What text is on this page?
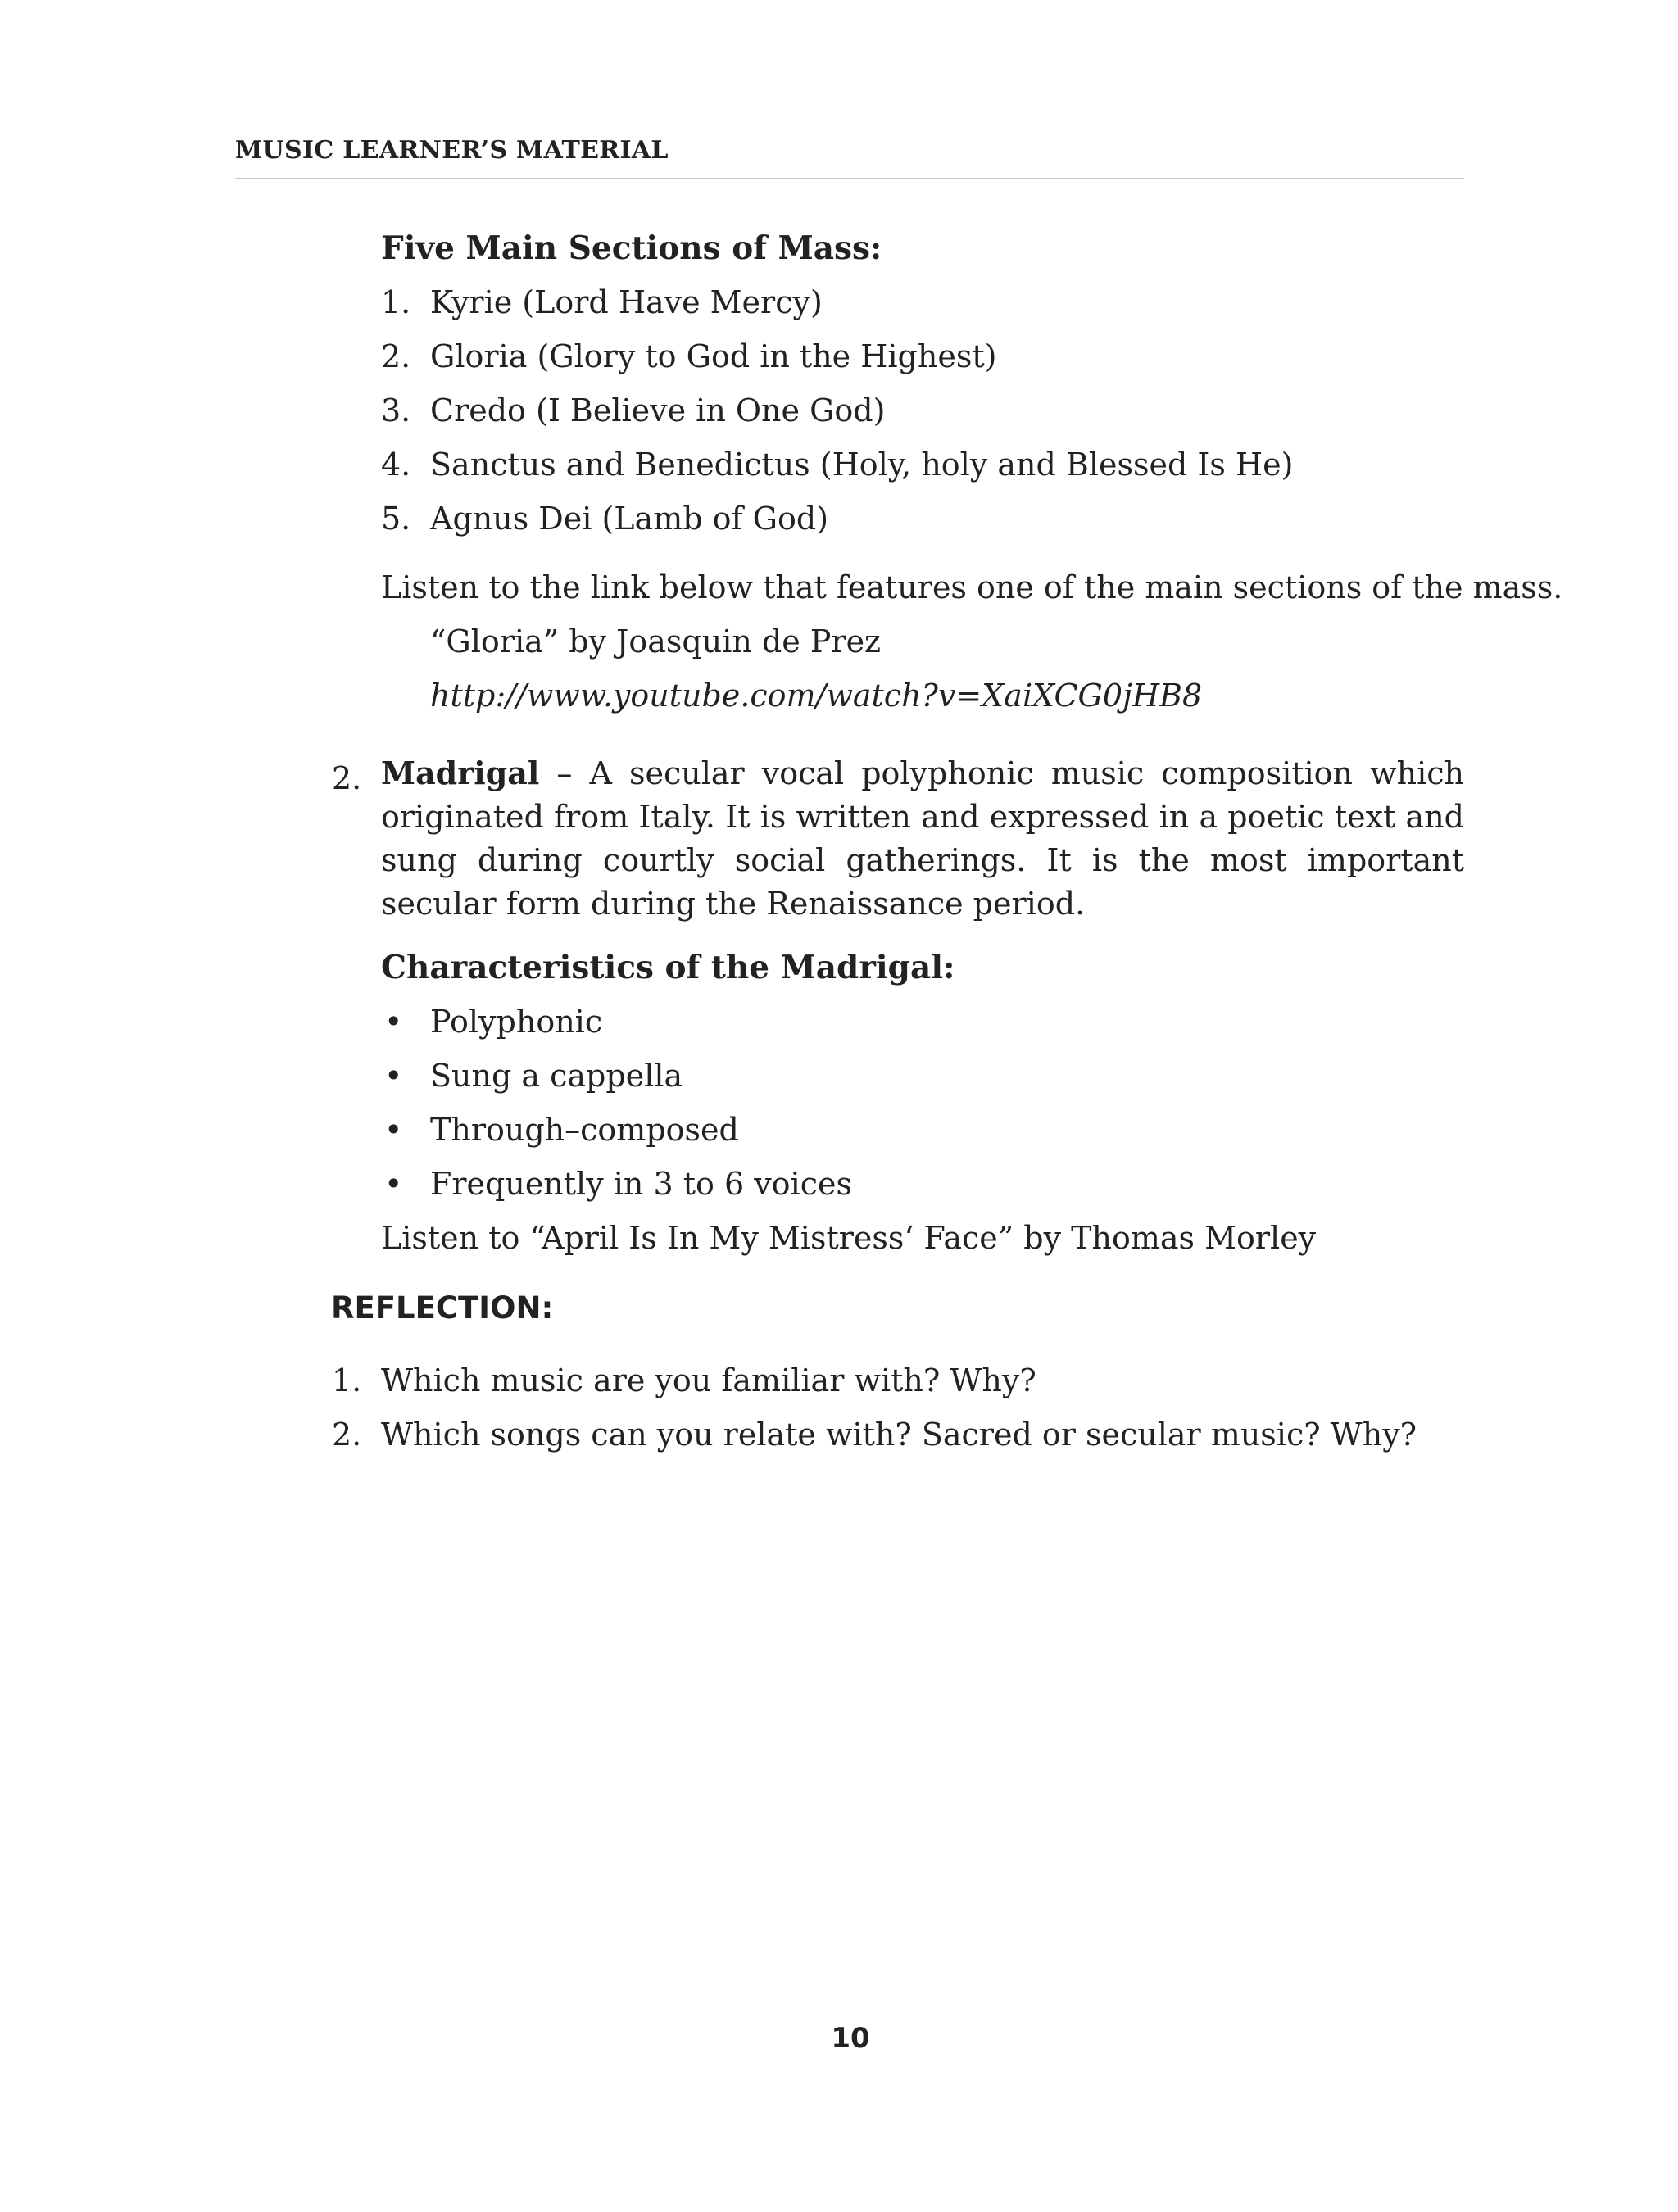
MUSIC LEARNER’S MATERIAL
Five Main Sections of Mass:
1. Kyrie (Lord Have Mercy)
2. Gloria (Glory to God in the Highest)
3. Credo (I Believe in One God)
4. Sanctus and Benedictus (Holy, holy and Blessed Is He)
5. Agnus Dei (Lamb of God)
Listen to the link below that features one of the main sections of the mass.
“Gloria” by Joasquin de Prez
http://www.youtube.com/watch?v=XaiXCG0jHB8
2. Madrigal – A secular vocal polyphonic music composition which originated from Italy. It is written and expressed in a poetic text and sung during courtly social gatherings. It is the most important secular form during the Renaissance period.
Characteristics of the Madrigal:
• Polyphonic
• Sung a cappella
• Through–composed
• Frequently in 3 to 6 voices
Listen to “April Is In My Mistress‘ Face” by Thomas Morley
REFLECTION:
1. Which music are you familiar with? Why?
2. Which songs can you relate with? Sacred or secular music? Why?
10
